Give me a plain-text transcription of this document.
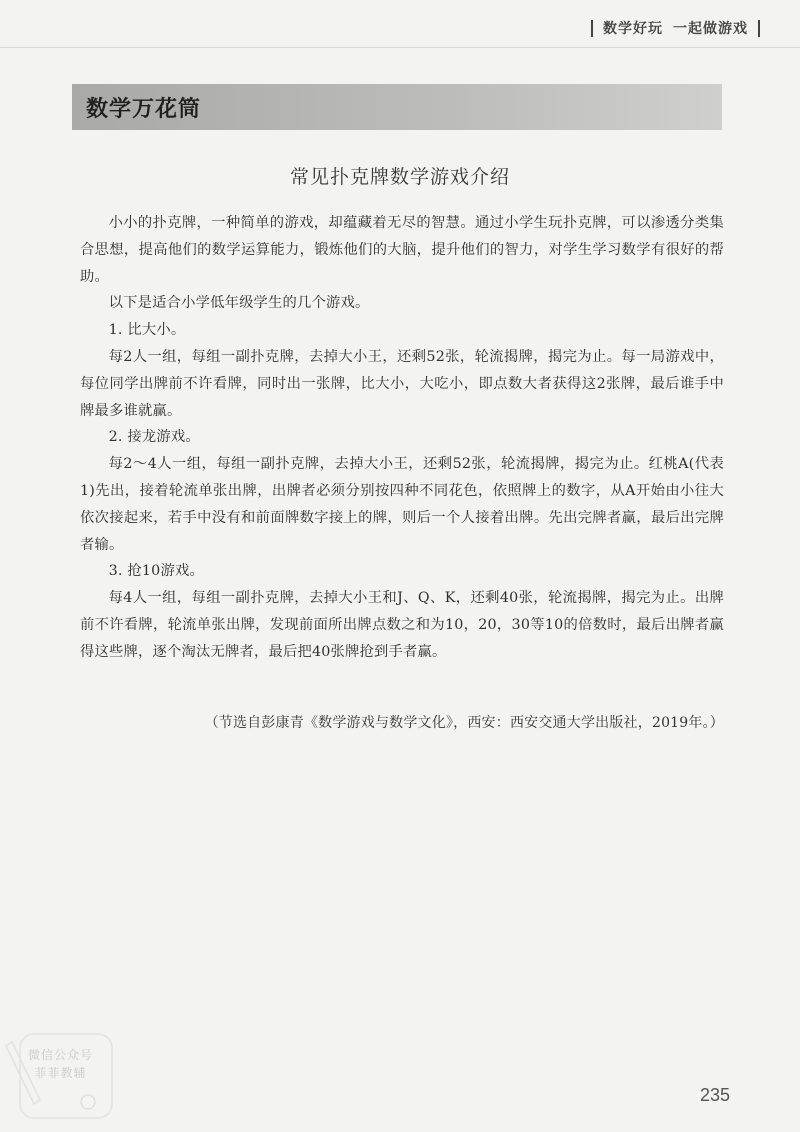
数学好玩 一起做游戏
数学万花筒
常见扑克牌数学游戏介绍

小小的扑克牌，一种简单的游戏，却蕴藏着无尽的智慧。通过小学生玩扑克牌，可以渗透分类集合思想，提高他们的数学运算能力，锻炼他们的大脑，提升他们的智力，对学生学习数学有很好的帮助。

以下是适合小学低年级学生的几个游戏。

1. 比大小。

每2人一组，每组一副扑克牌，去掉大小王，还剩52张，轮流揭牌，揭完为止。每一局游戏中，每位同学出牌前不许看牌，同时出一张牌，比大小，大吃小，即点数大者获得这2张牌，最后谁手中牌最多谁就赢。

2. 接龙游戏。

每2～4人一组，每组一副扑克牌，去掉大小王，还剩52张，轮流揭牌，揭完为止。红桃A(代表1)先出，接着轮流单张出牌，出牌者必须分别按四种不同花色，依照牌上的数字，从A开始由小往大依次接起来，若手中没有和前面牌数字接上的牌，则后一个人接着出牌。先出完牌者赢，最后出完牌者输。

3. 抢10游戏。

每4人一组，每组一副扑克牌，去掉大小王和J、Q、K，还剩40张，轮流揭牌，揭完为止。出牌前不许看牌，轮流单张出牌，发现前面所出牌点数之和为10，20，30等10的倍数时，最后出牌者赢得这些牌，逐个淘汰无牌者，最后把40张牌抢到手者赢。

（节选自彭康青《数学游戏与数学文化》，西安：西安交通大学出版社，2019年。）
微信公众号
菲菲教辅
235
